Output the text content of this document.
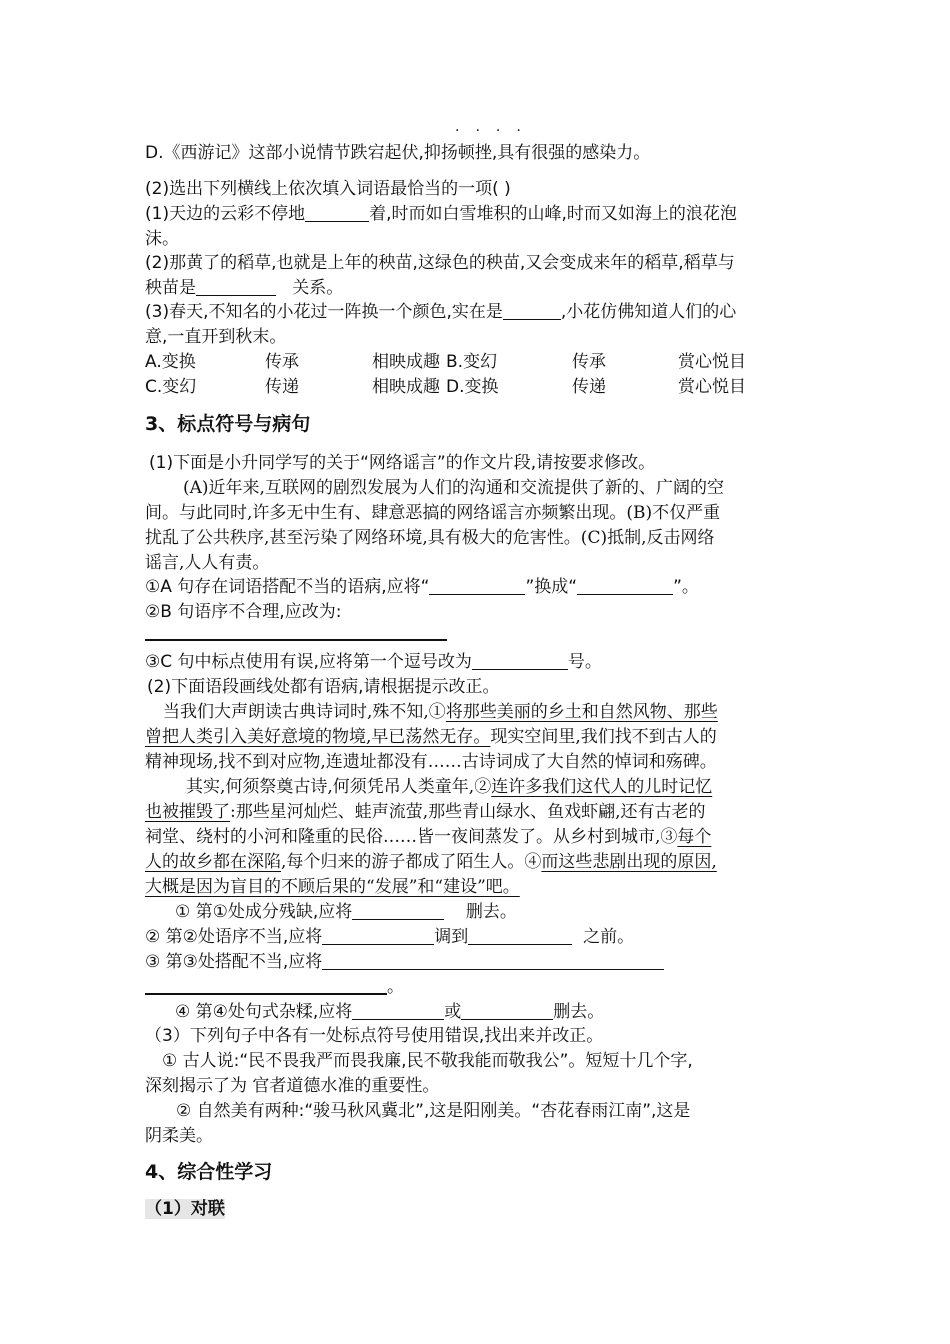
····
D.《西游记》这部小说情节跌宕起伏,抑扬顿挫,具有很强的感染力。
(2)选出下列横线上依次填入词语最恰当的一项( )
(1)天边的云彩不停地	着,时而如白雪堆积的山峰,时而又如海上的浪花泡
沫。
(2)那黄了的稻草,也就是上年的秧苗,这绿色的秧苗,又会变成来年的稻草,稻草与
秧苗是	关系。
(3)春天,不知名的小花过一阵换一个颜色,实在是	,小花仿佛知道人们的心
意,一直开到秋末。
A.变换	传承	相映成趣 B.变幻	传承	赏心悦目
C.变幻	传递	相映成趣 D.变换	传递	赏心悦目
3、标点符号与病句
(1)下面是小升同学写的关于“网络谣言”的作文片段,请按要求修改。
(A)近年来,互联网的剧烈发展为人们的沟通和交流提供了新的、广阔的空
间。与此同时,许多无中生有、肆意恶搞的网络谣言亦频繁出现。(B)不仅严重
扰乱了公共秩序,甚至污染了网络环境,具有极大的危害性。(C)抵制,反击网络
谣言,人人有责。
①A 句存在词语搭配不当的语病,应将“	”换成“	”。
②B 句语序不合理,应改为:
③C 句中标点使用有误,应将第一个逗号改为	号。
(2)下面语段画线处都有语病,请根据提示改正。
当我们大声朗读古典诗词时,殊不知,①将那些美丽的乡土和自然风物、那些
曾把人类引入美好意境的物境,早已荡然无存。现实空间里,我们找不到古人的
精神现场,找不到对应物,连遗址都没有……古诗词成了大自然的悼词和殇碑。
其实,何须祭奠古诗,何须凭吊人类童年,②连许多我们这代人的儿时记忆
也被摧毁了:那些星河灿烂、蛙声流萤,那些青山绿水、鱼戏虾翩,还有古老的
祠堂、绕村的小河和隆重的民俗……皆一夜间蒸发了。从乡村到城市,③每个
人的故乡都在深陷,每个归来的游子都成了陌生人。④而这些悲剧出现的原因,
大概是因为盲目的不顾后果的“发展”和“建设”吧。
① 第①处成分残缺,应将	删去。
② 第②处语序不当,应将	调到	之前。
③ 第③处搭配不当,应将
。
④ 第④处句式杂糅,应将	或	删去。
（3）下列句子中各有一处标点符号使用错误,找出来并改正。
① 古人说:“民不畏我严而畏我廉,民不敬我能而敬我公”。短短十几个字,
深刻揭示了为 官者道德水准的重要性。
② 自然美有两种:“骏马秋风冀北”,这是阳刚美。“杏花春雨江南”,这是
阴柔美。
4、综合性学习
（1）对联
